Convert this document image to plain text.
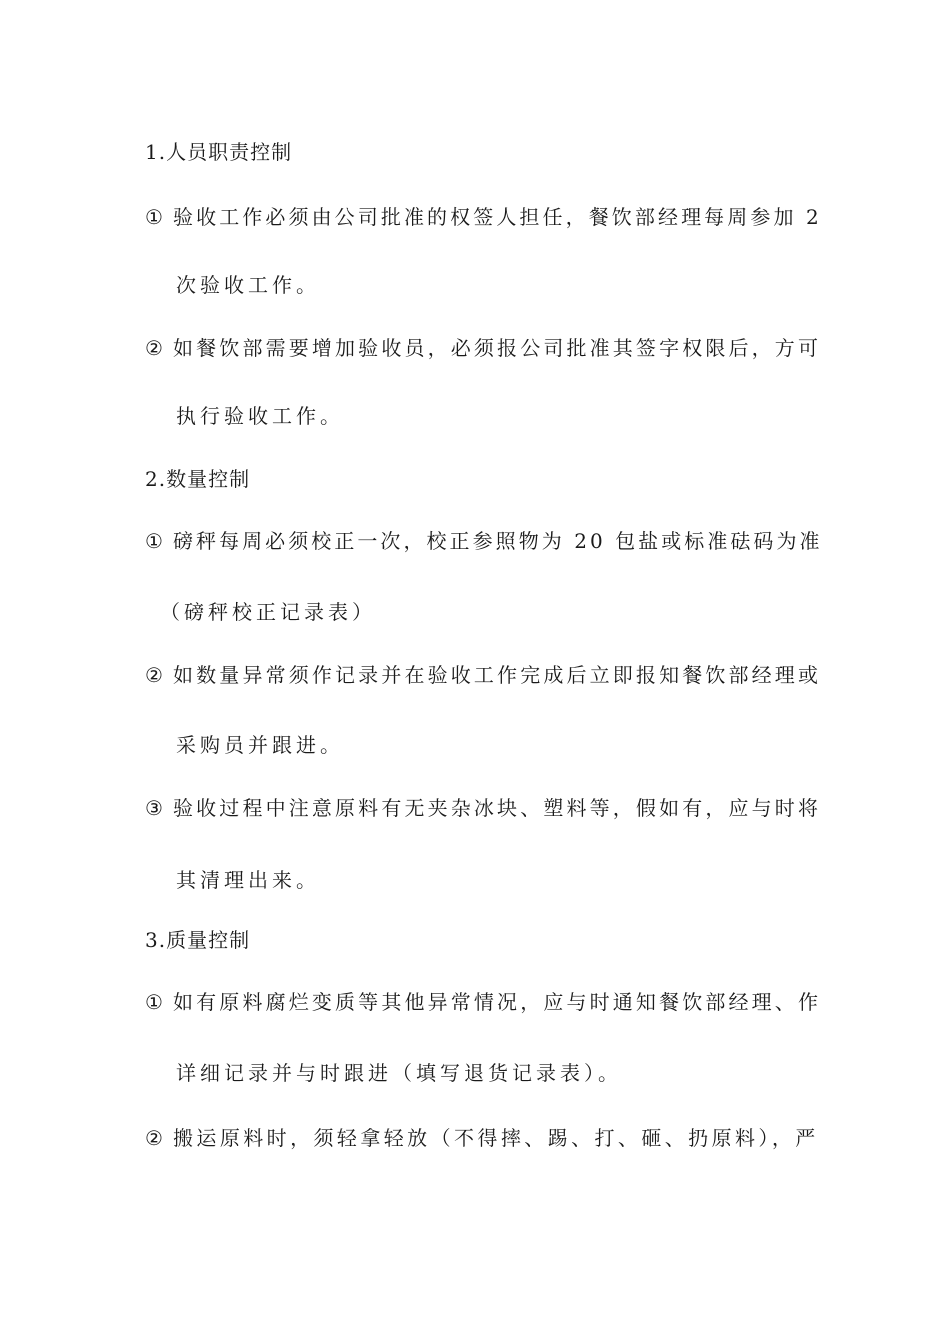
1.人员职责控制
① 验收工作必须由公司批准的权签人担任，餐饮部经理每周参加 2
次验收工作。
② 如餐饮部需要增加验收员，必须报公司批准其签字权限后，方可
执行验收工作。
2.数量控制
① 磅秤每周必须校正一次，校正参照物为 20 包盐或标准砝码为准
（磅秤校正记录表）
② 如数量异常须作记录并在验收工作完成后立即报知餐饮部经理或
采购员并跟进。
③ 验收过程中注意原料有无夹杂冰块、塑料等，假如有，应与时将
其清理出来。
3.质量控制
① 如有原料腐烂变质等其他异常情况，应与时通知餐饮部经理、作
详细记录并与时跟进（填写退货记录表）。
② 搬运原料时，须轻拿轻放（不得摔、踢、打、砸、扔原料），严
